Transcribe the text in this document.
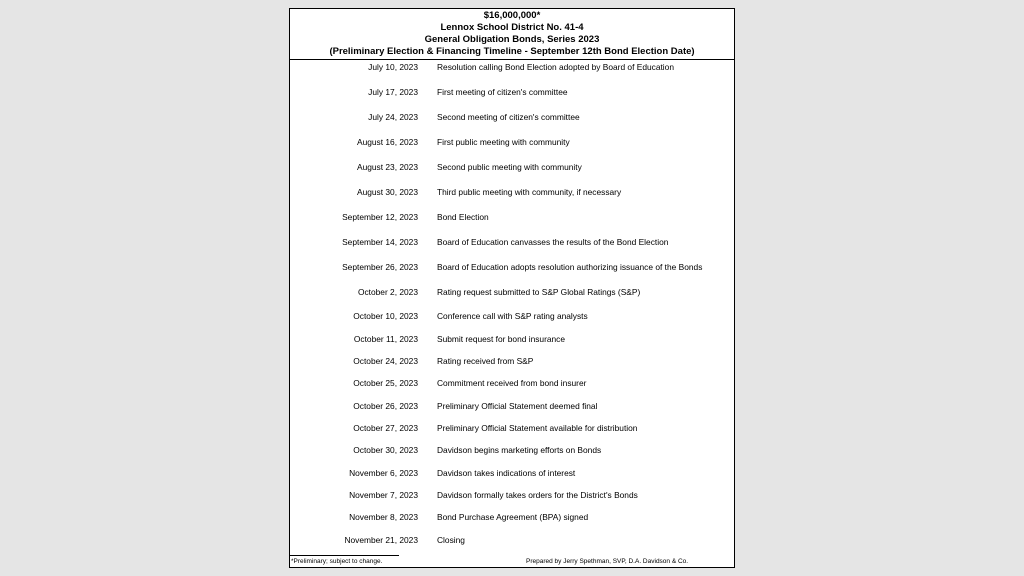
$16,000,000*
Lennox School District No. 41-4
General Obligation Bonds, Series 2023
(Preliminary Election & Financing Timeline - September 12th Bond Election Date)
July 10, 2023 Resolution calling Bond Election adopted by Board of Education
July 17, 2023 First meeting of citizen's committee
July 24, 2023 Second meeting of citizen's committee
August 16, 2023 First public meeting with community
August 23, 2023 Second public meeting with community
August 30, 2023 Third public meeting with community, if necessary
September 12, 2023 Bond Election
September 14, 2023 Board of Education canvasses the results of the Bond Election
September 26, 2023 Board of Education adopts resolution authorizing issuance of the Bonds
October 2, 2023 Rating request submitted to S&P Global Ratings (S&P)
October 10, 2023 Conference call with S&P rating analysts
October 11, 2023 Submit request for bond insurance
October 24, 2023 Rating received from S&P
October 25, 2023 Commitment received from bond insurer
October 26, 2023 Preliminary Official Statement deemed final
October 27, 2023 Preliminary Official Statement available for distribution
October 30, 2023 Davidson begins marketing efforts on Bonds
November 6, 2023 Davidson takes indications of interest
November 7, 2023 Davidson formally takes orders for the District's Bonds
November 8, 2023 Bond Purchase Agreement (BPA) signed
November 21, 2023 Closing
*Preliminary; subject to change.	Prepared by Jerry Spethman, SVP, D.A. Davidson & Co.
